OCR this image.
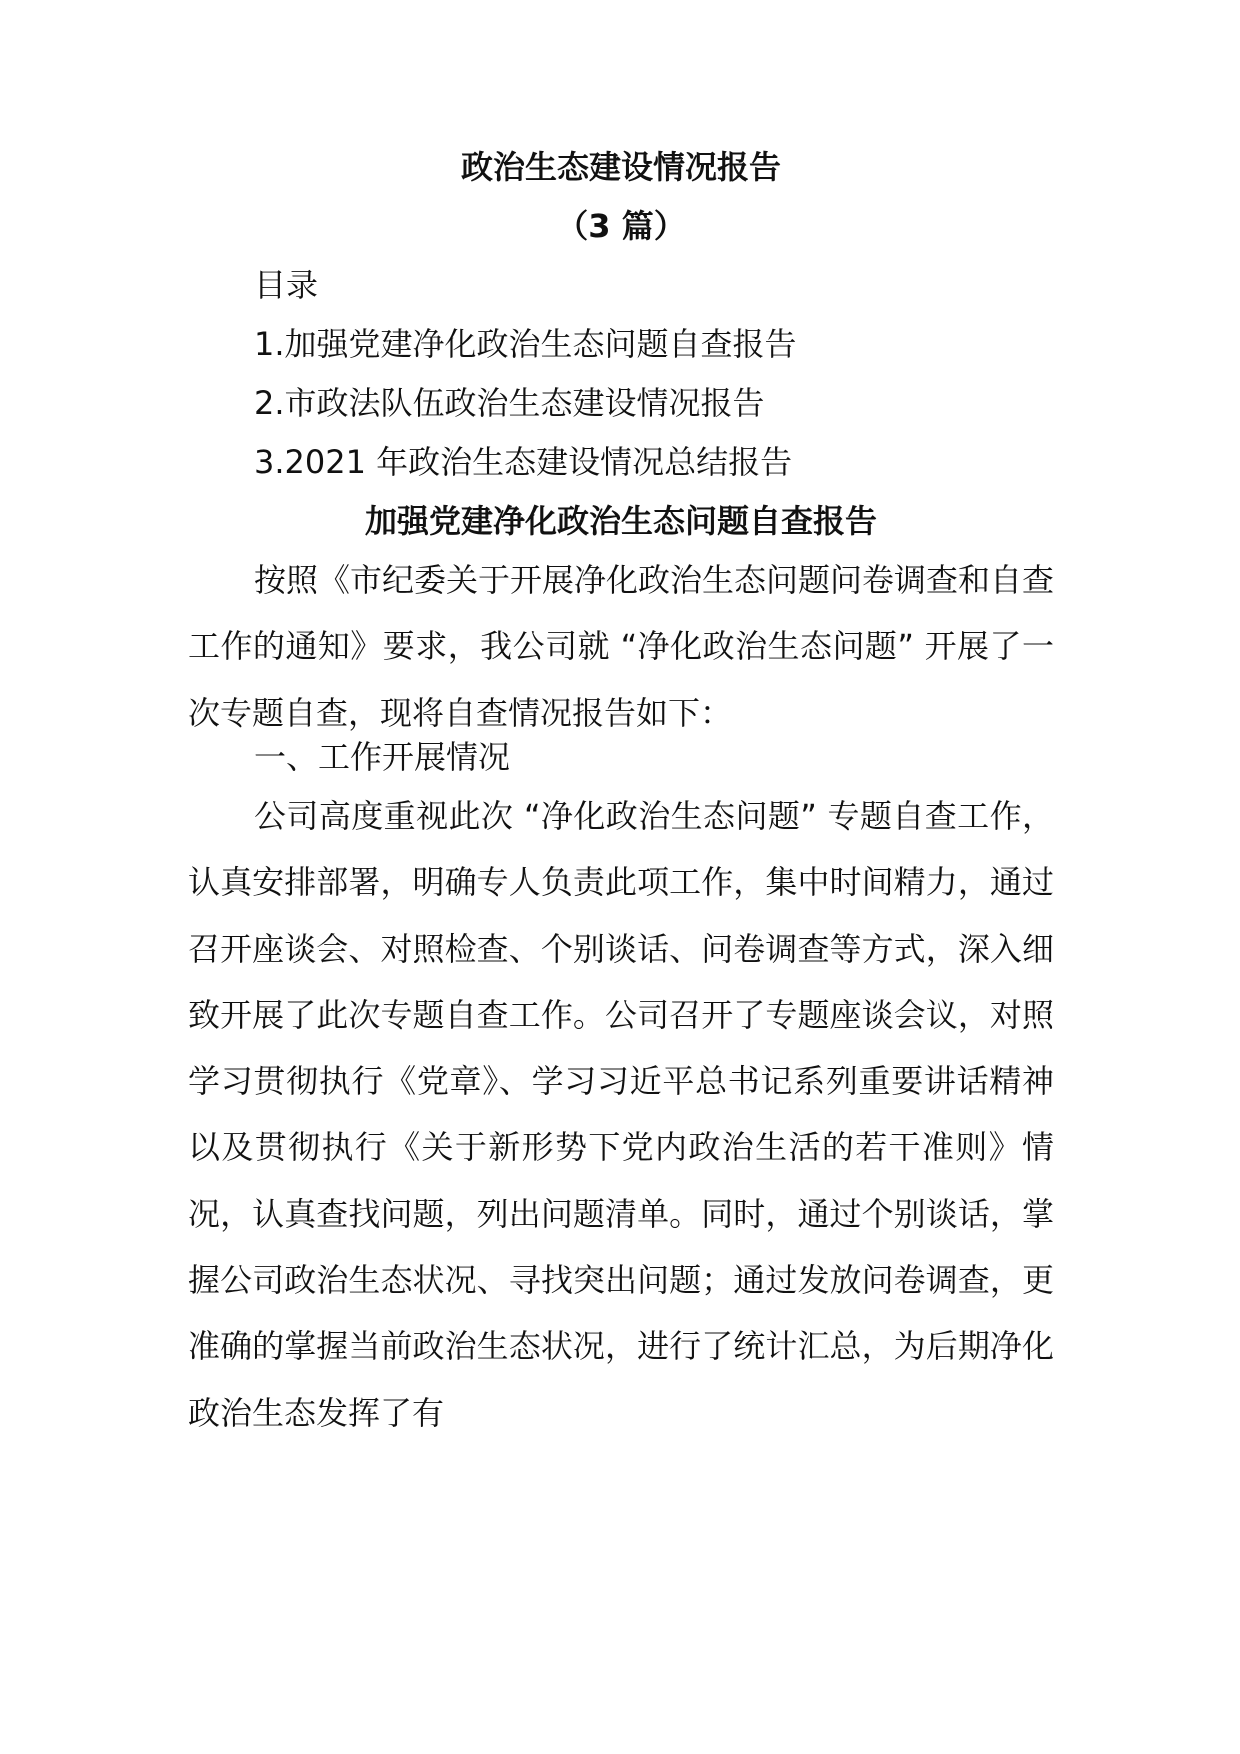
政治生态建设情况报告
（3 篇）
目录
1.加强党建净化政治生态问题自查报告
2.市政法队伍政治生态建设情况报告
3.2021 年政治生态建设情况总结报告
加强党建净化政治生态问题自查报告

按照《市纪委关于开展净化政治生态问题问卷调查和自查工作的通知》要求，我公司就 “净化政治生态问题” 开展了一次专题自查，现将自查情况报告如下：

一、工作开展情况

公司高度重视此次 “净化政治生态问题” 专题自查工作，认真安排部署，明确专人负责此项工作，集中时间精力，通过召开座谈会、对照检查、个别谈话、问卷调查等方式，深入细致开展了此次专题自查工作。公司召开了专题座谈会议，对照学习贯彻执行《党章》、学习习近平总书记系列重要讲话精神以及贯彻执行《关于新形势下党内政治生活的若干准则》情况，认真查找问题，列出问题清单。同时，通过个别谈话，掌握公司政治生态状况、寻找突出问题；通过发放问卷调查，更准确的掌握当前政治生态状况，进行了统计汇总，为后期净化政治生态发挥了有
